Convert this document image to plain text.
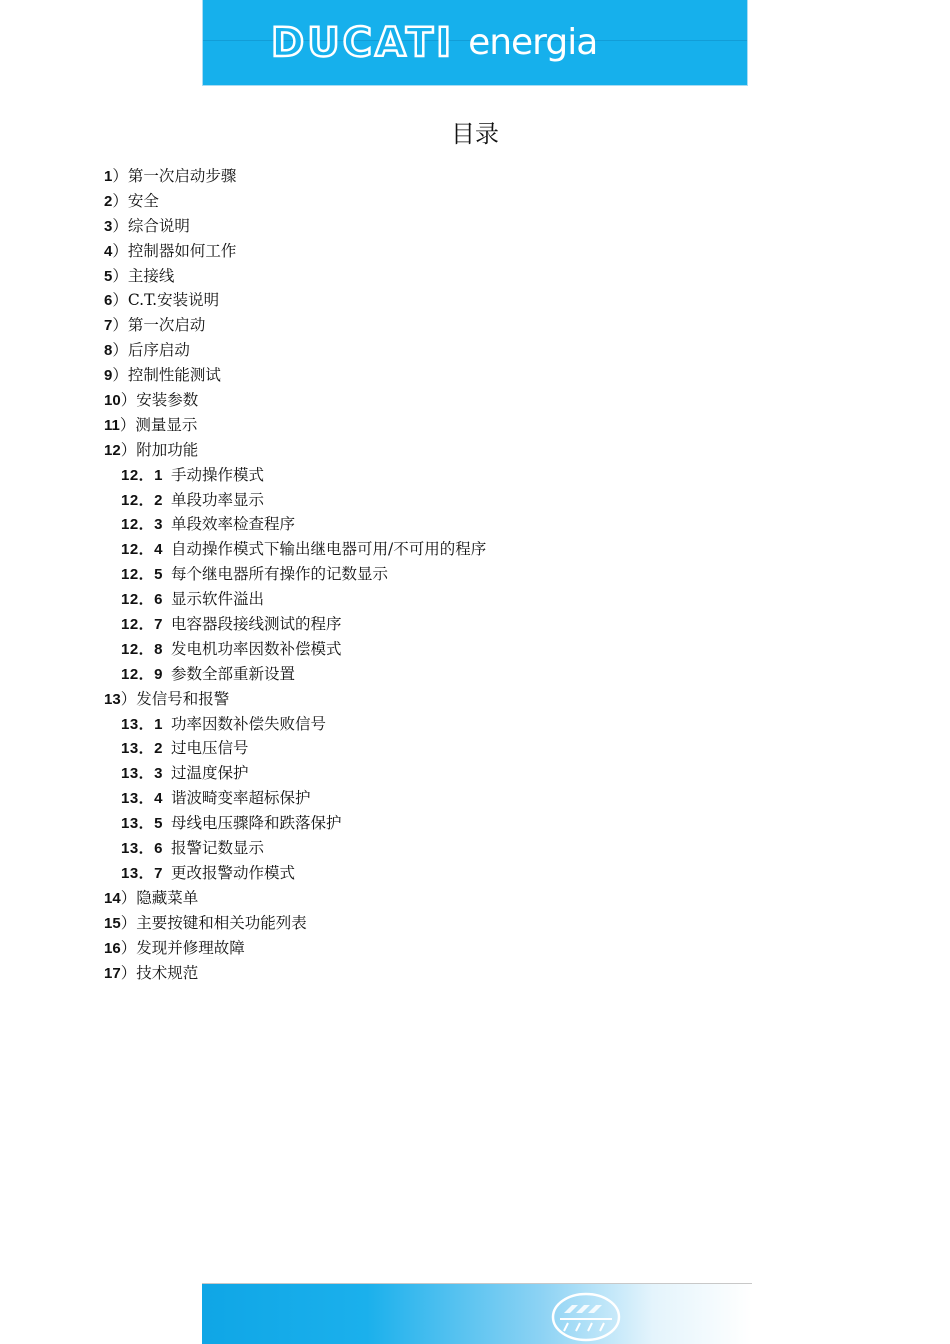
DUCATI energia
目录
1）第一次启动步骤
2）安全
3）综合说明
4）控制器如何工作
5）主接线
6）C.T.安装说明
7）第一次启动
8）后序启动
9）控制性能测试
10）安装参数
11）测量显示
12）附加功能
12．1 手动操作模式
12．2 单段功率显示
12．3 单段效率检查程序
12．4 自动操作模式下输出继电器可用/不可用的程序
12．5 每个继电器所有操作的记数显示
12．6 显示软件溢出
12．7 电容器段接线测试的程序
12．8 发电机功率因数补偿模式
12．9 参数全部重新设置
13）发信号和报警
13．1 功率因数补偿失败信号
13．2 过电压信号
13．3 过温度保护
13．4 谐波畸变率超标保护
13．5 母线电压骤降和跌落保护
13．6 报警记数显示
13．7 更改报警动作模式
14）隐藏菜单
15）主要按键和相关功能列表
16）发现并修理故障
17）技术规范
